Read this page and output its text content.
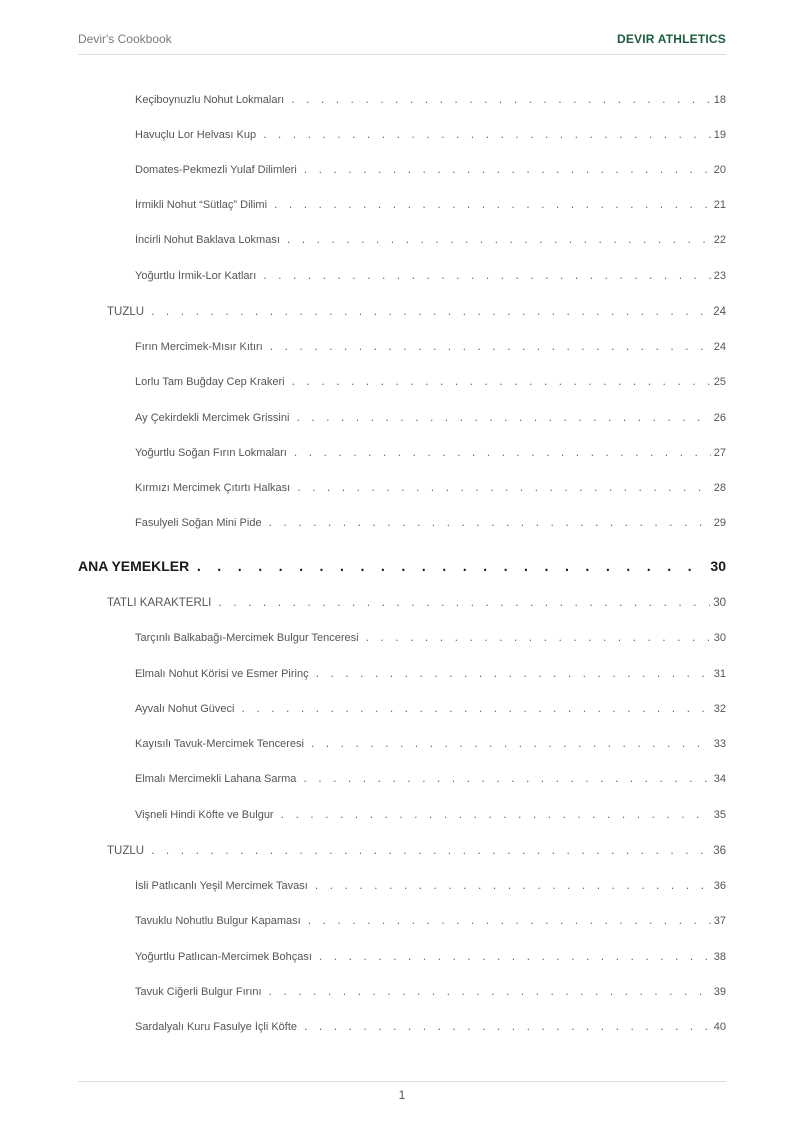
Devir's Cookbook	DEVIR ATHLETICS
Keçiboynuzlu Nohut Lokmaları . . .	18
Havuçlu Lor Helvası Kup . . .	19
Domates-Pekmezli Yulaf Dilimleri . . .	20
İrmikli Nohut “Sütlaç” Dilimi . . .	21
İncirli Nohut Baklava Lokması . . .	22
Yoğurtlu İrmik-Lor Katları . . .	23
TUZLU . . .	24
Fırın Mercimek-Mısır Kıtırı . . .	24
Lorlu Tam Buğday Cep Krakeri . . .	25
Ay Çekirdekli Mercimek Grissini . . .	26
Yoğurtlu Soğan Fırın Lokmaları . . .	27
Kırmızı Mercimek Çıtırtı Halkası . . .	28
Fasulyeli Soğan Mini Pide . . .	29
ANA YEMEKLER . . .	30
TATLI KARAKTERLİ . . .	30
Tarçınlı Balkabağı-Mercimek Bulgur Tenceresi . . .	30
Elmalı Nohut Körisi ve Esmer Pirinç . . .	31
Ayvalı Nohut Güveci . . .	32
Kayısılı Tavuk-Mercimek Tenceresi . . .	33
Elmalı Mercimekli Lahana Sarma . . .	34
Vişneli Hindi Köfte ve Bulgur . . .	35
TUZLU . . .	36
İsli Patlıcanlı Yeşil Mercimek Tavası . . .	36
Tavuklu Nohutlu Bulgur Kapaması . . .	37
Yoğurtlu Patlıcan-Mercimek Bohçası . . .	38
Tavuk Ciğerli Bulgur Fırını . . .	39
Sardalyalı Kuru Fasulye İçli Köfte . . .	40
1
